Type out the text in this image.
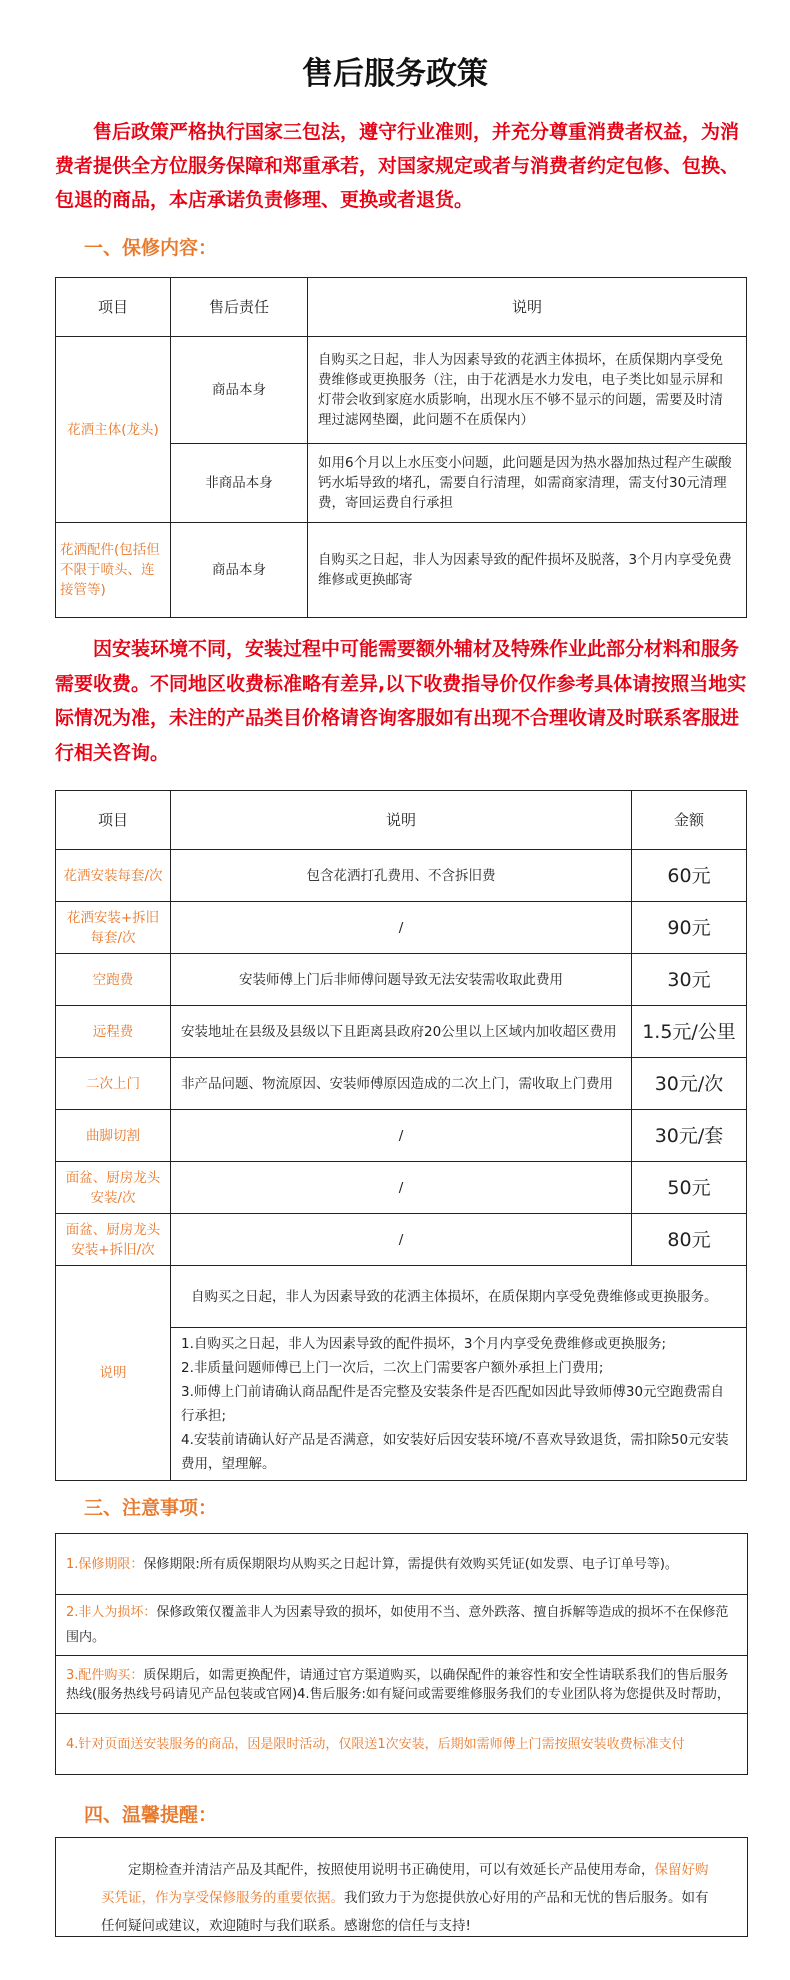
售后服务政策

售后政策严格执行国家三包法，遵守行业准则，并充分尊重消费者权益，为消费者提供全方位服务保障和郑重承若，对国家规定或者与消费者约定包修、包换、包退的商品，本店承诺负责修理、更换或者退货。

一、保修内容：
项目	售后责任	说明
花洒主体(龙头)	商品本身	自购买之日起，非人为因素导致的花洒主体损坏，在质保期内享受免费维修或更换服务（注，由于花洒是水力发电，电子类比如显示屏和灯带会收到家庭水质影响，出现水压不够不显示的问题，需要及时清理过滤网垫圈，此问题不在质保内）
	非商品本身	如用6个月以上水压变小问题，此问题是因为热水器加热过程产生碳酸钙水垢导致的堵孔，需要自行清理，如需商家清理，需支付30元清理费，寄回运费自行承担
花洒配件(包括但不限于喷头、连接管等)	商品本身	自购买之日起，非人为因素导致的配件损坏及脱落，3个月内享受免费维修或更换邮寄

因安装环境不同，安装过程中可能需要额外辅材及特殊作业此部分材料和服务需要收费。不同地区收费标准略有差异,以下收费指导价仅作参考具体请按照当地实际情况为准，未注的产品类目价格请咨询客服如有出现不合理收请及时联系客服进行相关咨询。

项目	说明	金额
花洒安装每套/次	包含花洒打孔费用、不含拆旧费	60元
花洒安装+拆旧每套/次	/	90元
空跑费	安装师傅上门后非师傅问题导致无法安装需收取此费用	30元
远程费	安装地址在县级及县级以下且距离县政府20公里以上区域内加收超区费用	1.5元/公里
二次上门	非产品问题、物流原因、安装师傅原因造成的二次上门，需收取上门费用	30元/次
曲脚切割	/	30元/套
面盆、厨房龙头安装/次	/	50元
面盆、厨房龙头安装+拆旧/次	/	80元
说明	自购买之日起，非人为因素导致的花洒主体损坏，在质保期内享受免费维修或更换服务。	

	1.自购买之日起，非人为因素导致的配件损坏，3个月内享受免费维修或更换服务;
2.非质量问题师傅已上门一次后，二次上门需要客户额外承担上门费用;
3.师傅上门前请确认商品配件是否完整及安装条件是否匹配如因此导致师傅30元空跑费需自行承担;
4.安装前请确认好产品是否满意，如安装好后因安装环境/不喜欢导致退货，需扣除50元安装费用，望理解。	
三、注意事项：
1.保修期限：保修期限:所有质保期限均从购买之日起计算，需提供有效购买凭证(如发票、电子订单号等)。
2.非人为损坏：保修政策仅覆盖非人为因素导致的损坏，如使用不当、意外跌落、擅自拆解等造成的损坏不在保修范围内。
3.配件购买：质保期后，如需更换配件，请通过官方渠道购买，以确保配件的兼容性和安全性请联系我们的售后服务热线(服务热线号码请见产品包装或官网)4.售后服务:如有疑问或需要维修服务我们的专业团队将为您提供及时帮助，
4.针对页面送安装服务的商品，因是限时活动，仅限送1次安装，后期如需师傅上门需按照安装收费标准支付
四、温馨提醒：
定期检查并清洁产品及其配件，按照使用说明书正确使用，可以有效延长产品使用寿命，保留好购买凭证，作为享受保修服务的重要依据。我们致力于为您提供放心好用的产品和无忧的售后服务。如有任何疑问或建议，欢迎随时与我们联系。感谢您的信任与支持!
